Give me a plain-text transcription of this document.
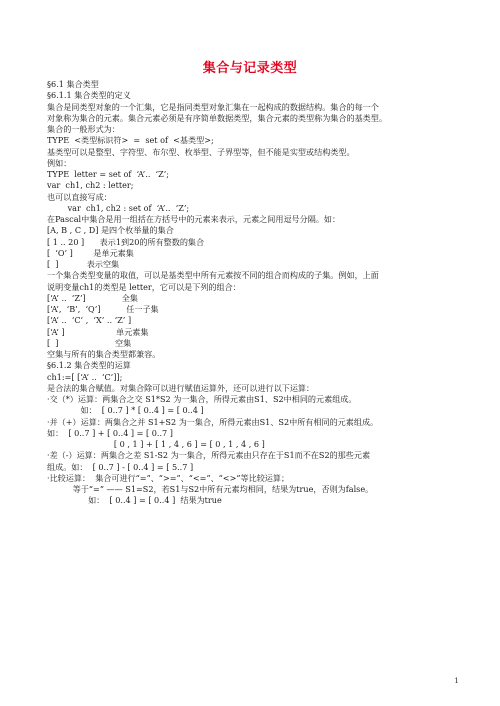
集合与记录类型
§6.1 集合类型
§6.1.1 集合类型的定义
集合是同类型对象的一个汇集，它是指同类型对象汇集在一起构成的数据结构。集合的每一个
对象称为集合的元素。集合元素必须是有序简单数据类型，集合元素的类型称为集合的基类型。
集合的一般形式为：
TYPE  <类型标识符>  =  set of  <基类型>;
基类型可以是整型、字符型、布尔型、枚举型、子界型等，但不能是实型或结构类型。
例如：
TYPE  letter = set of  ‘A’..  ‘Z’;
var  ch1, ch2 : letter;
也可以直接写成：
var  ch1, ch2 : set of  ‘A’..  ‘Z’;
在Pascal中集合是用一组括在方括号中的元素来表示，元素之间用逗号分隔。如：
[A, B , C , D] 是四个枚举量的集合
[ 1 .. 20 ]      表示1到20的所有整数的集合
[  ‘O’ ]        是单元素集
[  ]           表示空集
一个集合类型变量的取值，可以是基类型中所有元素按不同的组合而构成的子集。例如，上面
说明变量ch1的类型是 letter，它可以是下列的组合：
[‘A’ ..  ‘Z’]              全集
[‘A’,  ‘B’,  ‘Q’]          任一子集
[‘A’ ..  ‘C’ ,  ‘X’ .. ‘Z’ ]
[‘A’ ]                    单元素集
[  ]                      空集
空集与所有的集合类型都兼容。
§6.1.2 集合类型的运算
ch1:=[ [‘A’ ..  ‘C’]];
是合法的集合赋值。对集合除可以进行赋值运算外，还可以进行以下运算：
·交（*）运算：两集合之交 S1*S2 为一集合，所得元素由S1、S2中相同的元素组成。
如：  [ 0..7 ] * [ 0..4 ] = [ 0..4 ]
·并（+）运算：两集合之并 S1+S2 为一集合，所得元素由S1、S2中所有相同的元素组成。
如：  [ 0..7 ] + [ 0..4 ] = [ 0..7 ]
[ 0 , 1 ] + [ 1 , 4 , 6 ] = [ 0 , 1 , 4 , 6 ]
·差（-）运算：两集合之差 S1-S2 为一集合，所得元素由只存在于S1而不在S2的那些元素
组成。如：  [ 0..7 ] - [ 0..4 ] = [ 5..7 ]
·比较运算：  集合可进行“=”、“>=”、“<=”、“<>”等比较运算；
等于“=” —— S1=S2，若S1与S2中所有元素均相同，结果为true，否则为false。
如：  [ 0..4 ] = [ 0..4 ]  结果为true
1
